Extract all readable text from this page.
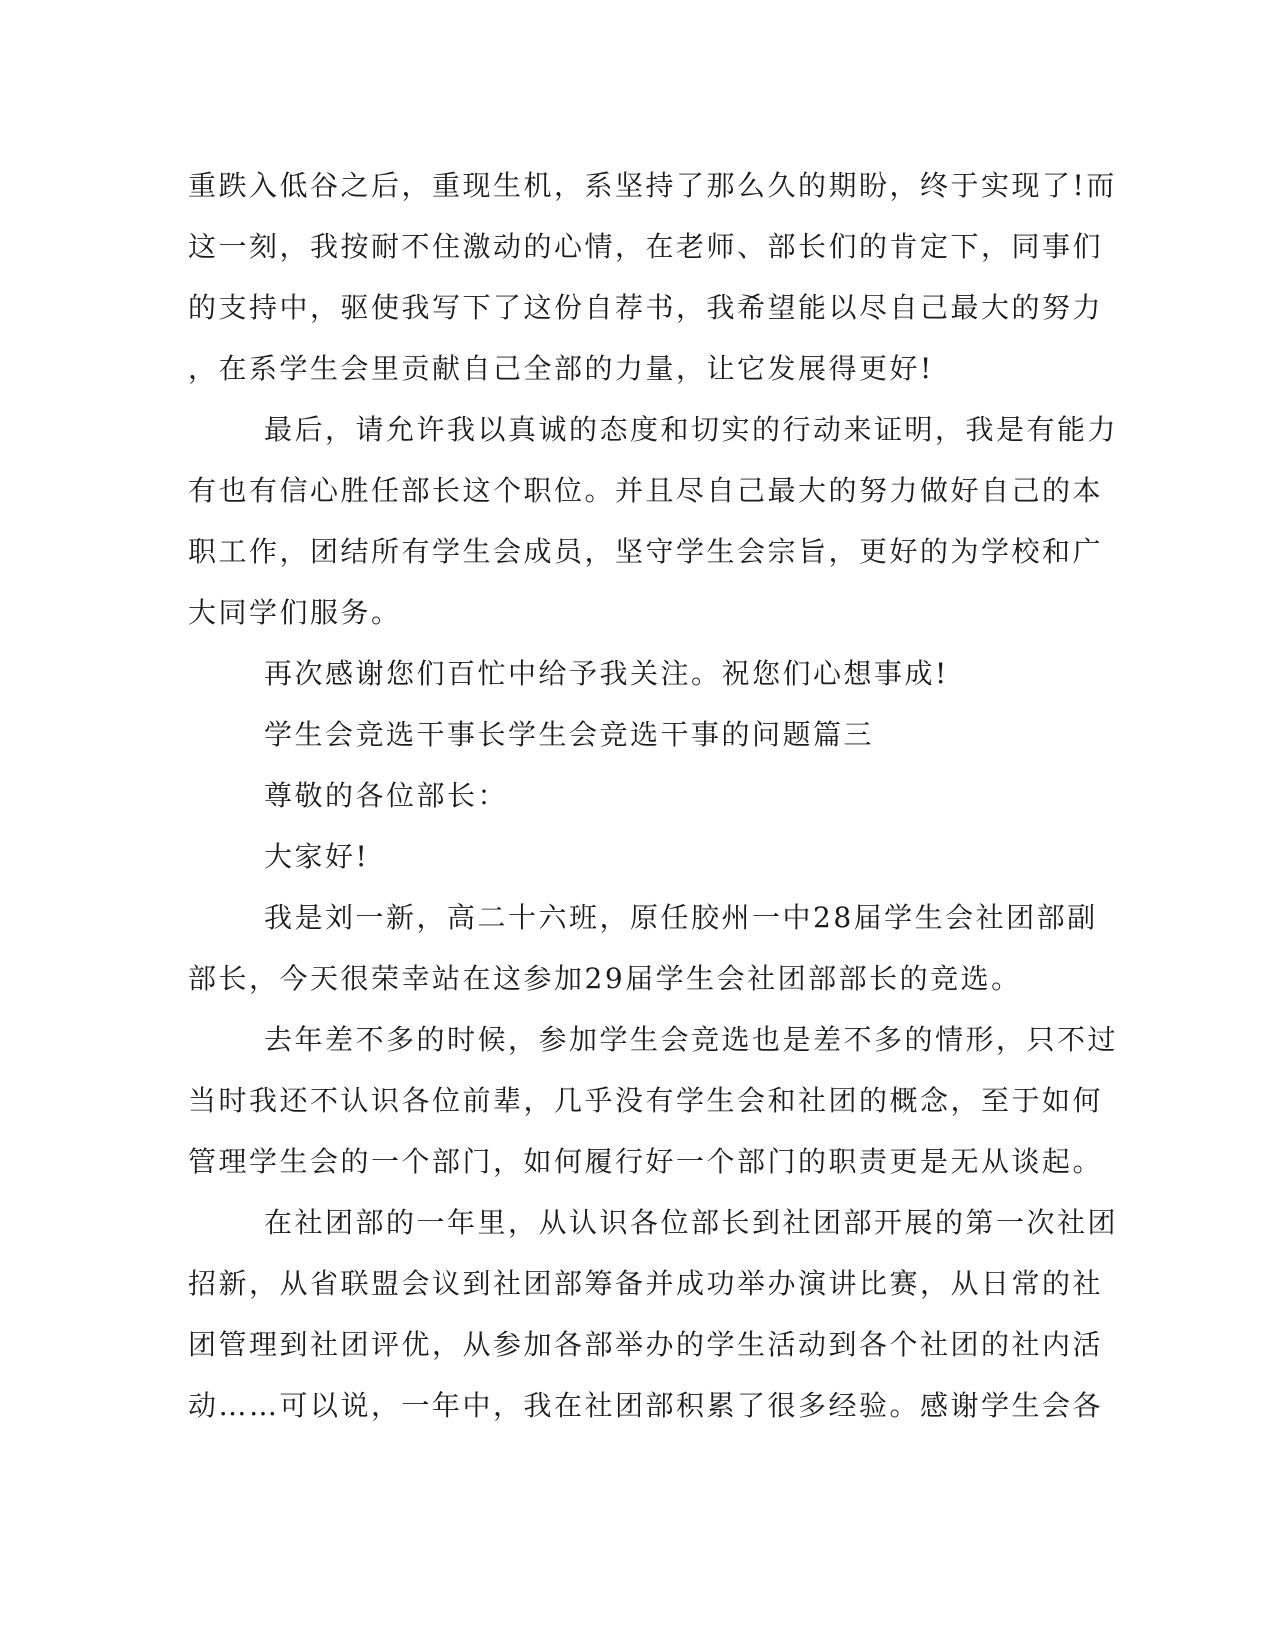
重跌入低谷之后，重现生机，系坚持了那么久的期盼，终于实现了!而
这一刻，我按耐不住激动的心情，在老师、部长们的肯定下，同事们
的支持中，驱使我写下了这份自荐书，我希望能以尽自己最大的努力
，在系学生会里贡献自己全部的力量，让它发展得更好!
最后，请允许我以真诚的态度和切实的行动来证明，我是有能力
有也有信心胜任部长这个职位。并且尽自己最大的努力做好自己的本
职工作，团结所有学生会成员，坚守学生会宗旨，更好的为学校和广
大同学们服务。
再次感谢您们百忙中给予我关注。祝您们心想事成!
学生会竞选干事长学生会竞选干事的问题篇三
尊敬的各位部长：
大家好!
我是刘一新，高二十六班，原任胶州一中28届学生会社团部副
部长，今天很荣幸站在这参加29届学生会社团部部长的竞选。
去年差不多的时候，参加学生会竞选也是差不多的情形，只不过
当时我还不认识各位前辈，几乎没有学生会和社团的概念，至于如何
管理学生会的一个部门，如何履行好一个部门的职责更是无从谈起。
在社团部的一年里，从认识各位部长到社团部开展的第一次社团
招新，从省联盟会议到社团部筹备并成功举办演讲比赛，从日常的社
团管理到社团评优，从参加各部举办的学生活动到各个社团的社内活
动……可以说，一年中，我在社团部积累了很多经验。感谢学生会各
